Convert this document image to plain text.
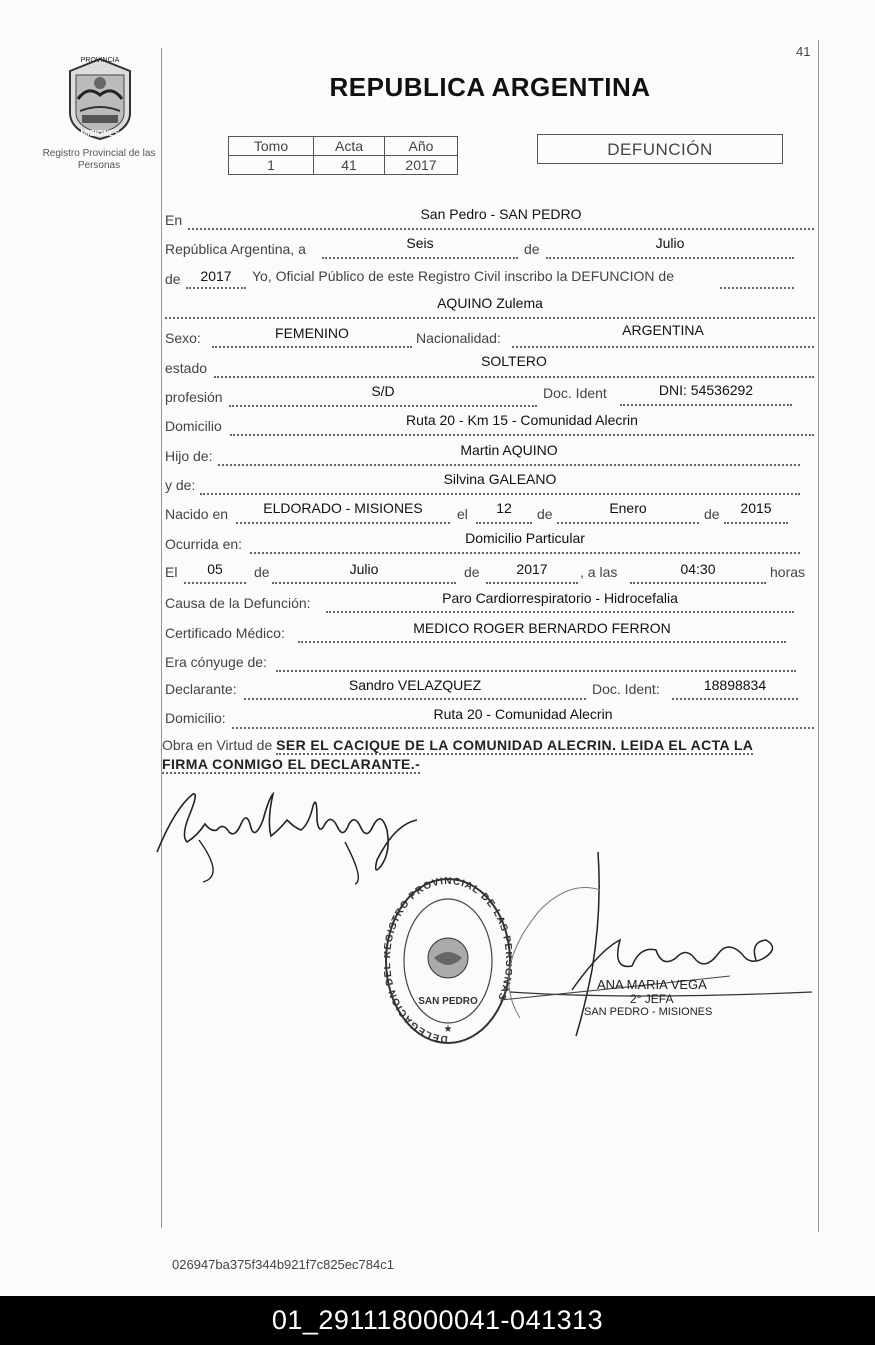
41
PROVINCIA
MISIONES
Registro Provincial de las Personas
REPUBLICA ARGENTINA
Tomo	Acta	Año
1	41	2017
DEFUNCIÓN
En	San Pedro - SAN PEDRO
República Argentina, a	Seis	de	Julio
de	2017	Yo, Oficial Público de este Registro Civil inscribo la DEFUNCION de
AQUINO Zulema
Sexo:	FEMENINO	Nacionalidad:	ARGENTINA
estado	SOLTERO
profesión	S/D	Doc. Ident	DNI: 54536292
Domicilio	Ruta 20 - Km 15 - Comunidad Alecrin
Hijo de:	Martin AQUINO
y de:	Silvina GALEANO
Nacido en	ELDORADO - MISIONES	el	12	de	Enero	de	2015
Ocurrida en:	Domicilio Particular
El	05	de	Julio	de	2017	, a las	04:30	horas
Causa de la Defunción:	Paro Cardiorrespiratorio - Hidrocefalia
Certificado Médico:	MEDICO ROGER BERNARDO FERRON
Era cónyuge de:
Declarante:	Sandro VELAZQUEZ	Doc. Ident:	18898834
Domicilio:	Ruta 20 - Comunidad Alecrin
Obra en Virtud de SER EL CACIQUE DE LA COMUNIDAD ALECRIN. LEIDA EL ACTA LA
FIRMA CONMIGO EL DECLARANTE.-
DELEGACION D GISTRO PROVINCIAL DE LAS P NAS
SAN PEDRO
★
ANA MARIA VEGA
2° JEFA
SAN PEDRO - MISIONES
026947ba375f344b921f7c825ec784c1
01_291118000041-041313
